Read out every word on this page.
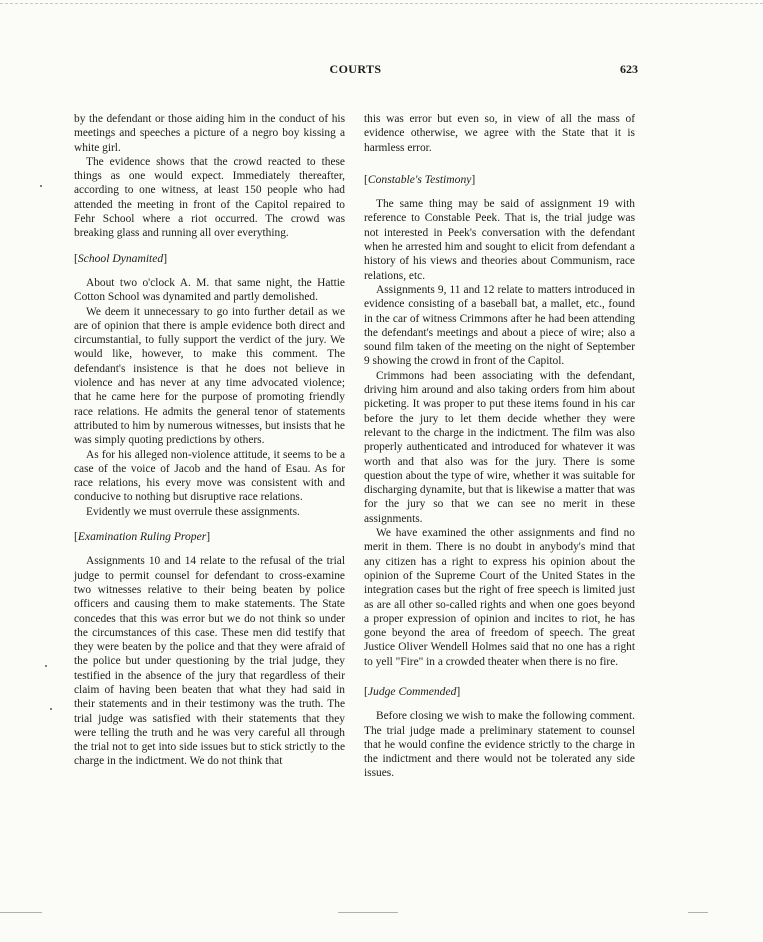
COURTS	623

by the defendant or those aiding him in the conduct of his meetings and speeches a picture of a negro boy kissing a white girl.

The evidence shows that the crowd reacted to these things as one would expect. Immediately thereafter, according to one witness, at least 150 people who had attended the meeting in front of the Capitol repaired to Fehr School where a riot occurred. The crowd was breaking glass and running all over everything.

[School Dynamited]

About two o'clock A. M. that same night, the Hattie Cotton School was dynamited and partly demolished.

We deem it unnecessary to go into further detail as we are of opinion that there is ample evidence both direct and circumstantial, to fully support the verdict of the jury. We would like, however, to make this comment. The defendant's insistence is that he does not believe in violence and has never at any time advocated violence; that he came here for the purpose of promoting friendly race relations. He admits the general tenor of statements attributed to him by numerous witnesses, but insists that he was simply quoting predictions by others.

As for his alleged non-violence attitude, it seems to be a case of the voice of Jacob and the hand of Esau. As for race relations, his every move was consistent with and conducive to nothing but disruptive race relations.

Evidently we must overrule these assignments.

[Examination Ruling Proper]

Assignments 10 and 14 relate to the refusal of the trial judge to permit counsel for defendant to cross-examine two witnesses relative to their being beaten by police officers and causing them to make statements. The State concedes that this was error but we do not think so under the circumstances of this case. These men did testify that they were beaten by the police and that they were afraid of the police but under questioning by the trial judge, they testified in the absence of the jury that regardless of their claim of having been beaten that what they had said in their statements and in their testimony was the truth. The trial judge was satisfied with their statements that they were telling the truth and he was very careful all through the trial not to get into side issues but to stick strictly to the charge in the indictment. We do not think that

this was error but even so, in view of all the mass of evidence otherwise, we agree with the State that it is harmless error.

[Constable's Testimony]

The same thing may be said of assignment 19 with reference to Constable Peek. That is, the trial judge was not interested in Peek's conversation with the defendant when he arrested him and sought to elicit from defendant a history of his views and theories about Communism, race relations, etc.

Assignments 9, 11 and 12 relate to matters introduced in evidence consisting of a baseball bat, a mallet, etc., found in the car of witness Crimmons after he had been attending the defendant's meetings and about a piece of wire; also a sound film taken of the meeting on the night of September 9 showing the crowd in front of the Capitol.

Crimmons had been associating with the defendant, driving him around and also taking orders from him about picketing. It was proper to put these items found in his car before the jury to let them decide whether they were relevant to the charge in the indictment. The film was also properly authenticated and introduced for whatever it was worth and that also was for the jury. There is some question about the type of wire, whether it was suitable for discharging dynamite, but that is likewise a matter that was for the jury so that we can see no merit in these assignments.

We have examined the other assignments and find no merit in them. There is no doubt in anybody's mind that any citizen has a right to express his opinion about the opinion of the Supreme Court of the United States in the integration cases but the right of free speech is limited just as are all other so-called rights and when one goes beyond a proper expression of opinion and incites to riot, he has gone beyond the area of freedom of speech. The great Justice Oliver Wendell Holmes said that no one has a right to yell "Fire" in a crowded theater when there is no fire.

[Judge Commended]

Before closing we wish to make the following comment. The trial judge made a preliminary statement to counsel that he would confine the evidence strictly to the charge in the indictment and there would not be tolerated any side issues.
